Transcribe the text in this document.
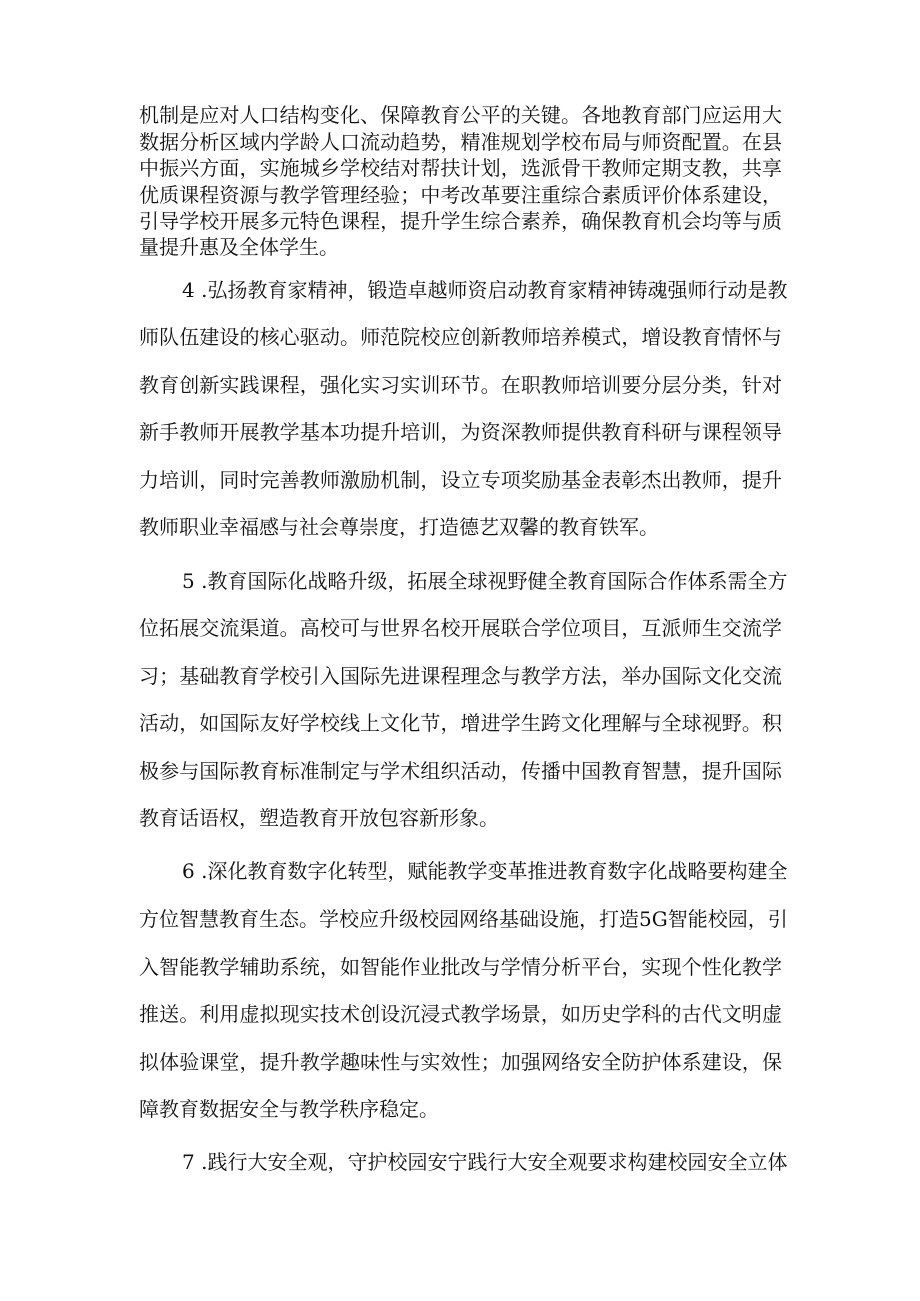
机制是应对人口结构变化、保障教育公平的关键。各地教育部门应运用大
数据分析区域内学龄人口流动趋势，精准规划学校布局与师资配置。在县
中振兴方面，实施城乡学校结对帮扶计划，选派骨干教师定期支教，共享
优质课程资源与教学管理经验；中考改革要注重综合素质评价体系建设，
引导学校开展多元特色课程，提升学生综合素养，确保教育机会均等与质
量提升惠及全体学生。
4 .弘扬教育家精神，锻造卓越师资启动教育家精神铸魂强师行动是教
师队伍建设的核心驱动。师范院校应创新教师培养模式，增设教育情怀与
教育创新实践课程，强化实习实训环节。在职教师培训要分层分类，针对
新手教师开展教学基本功提升培训，为资深教师提供教育科研与课程领导
力培训，同时完善教师激励机制，设立专项奖励基金表彰杰出教师，提升
教师职业幸福感与社会尊崇度，打造德艺双馨的教育铁军。
5 .教育国际化战略升级，拓展全球视野健全教育国际合作体系需全方
位拓展交流渠道。高校可与世界名校开展联合学位项目，互派师生交流学
习；基础教育学校引入国际先进课程理念与教学方法，举办国际文化交流
活动，如国际友好学校线上文化节，增进学生跨文化理解与全球视野。积
极参与国际教育标准制定与学术组织活动，传播中国教育智慧，提升国际
教育话语权，塑造教育开放包容新形象。
6 .深化教育数字化转型，赋能教学变革推进教育数字化战略要构建全
方位智慧教育生态。学校应升级校园网络基础设施，打造5G智能校园，引
入智能教学辅助系统，如智能作业批改与学情分析平台，实现个性化教学
推送。利用虚拟现实技术创设沉浸式教学场景，如历史学科的古代文明虚
拟体验课堂，提升教学趣味性与实效性；加强网络安全防护体系建设，保
障教育数据安全与教学秩序稳定。
7 .践行大安全观，守护校园安宁践行大安全观要求构建校园安全立体
